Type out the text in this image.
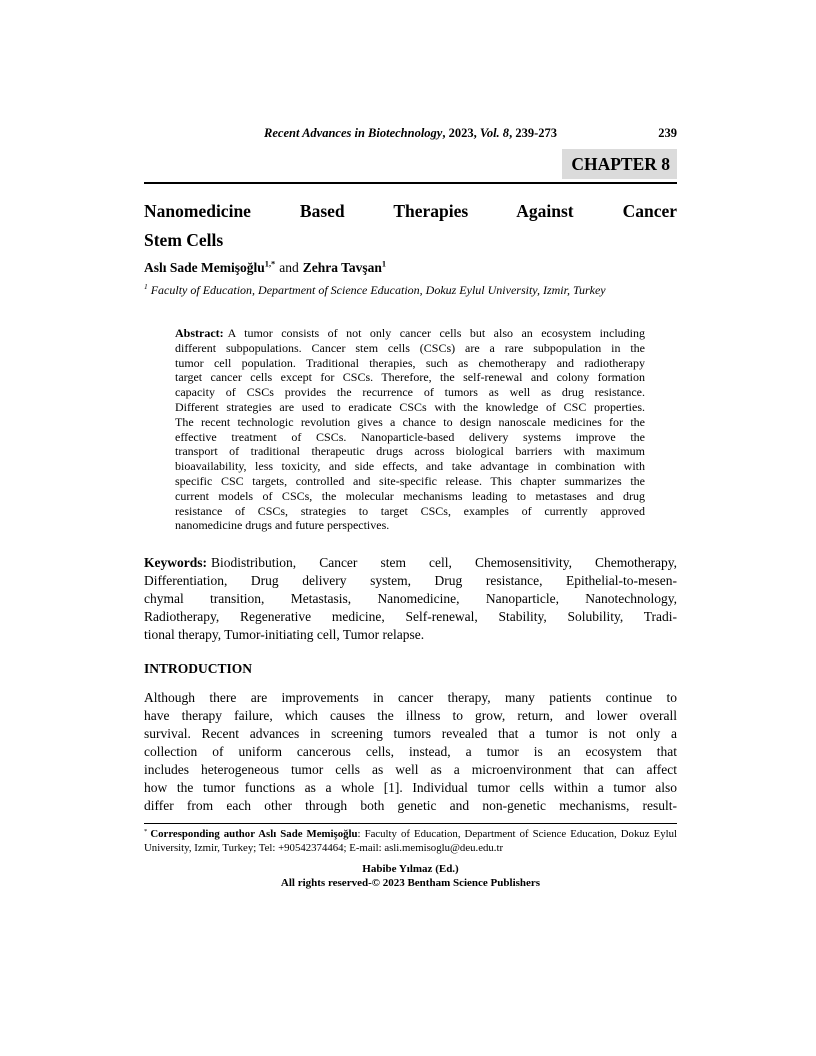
Recent Advances in Biotechnology, 2023, Vol. 8, 239-273	239
CHAPTER 8
Nanomedicine Based Therapies Against Cancer
Stem Cells
Aslı Sade Memişoğlu$^{1,*}$ and Zehra Tavşan$^1$
$^1$ Faculty of Education, Department of Science Education, Dokuz Eylul University, Izmir, Turkey
Abstract: A tumor consists of not only cancer cells but also an ecosystem including
different subpopulations. Cancer stem cells (CSCs) are a rare subpopulation in the
tumor cell population. Traditional therapies, such as chemotherapy and radiotherapy
target cancer cells except for CSCs. Therefore, the self-renewal and colony formation
capacity of CSCs provides the recurrence of tumors as well as drug resistance.
Different strategies are used to eradicate CSCs with the knowledge of CSC properties.
The recent technologic revolution gives a chance to design nanoscale medicines for the
effective treatment of CSCs. Nanoparticle-based delivery systems improve the
transport of traditional therapeutic drugs across biological barriers with maximum
bioavailability, less toxicity, and side effects, and take advantage in combination with
specific CSC targets, controlled and site-specific release. This chapter summarizes the
current models of CSCs, the molecular mechanisms leading to metastases and drug
resistance of CSCs, strategies to target CSCs, examples of currently approved
nanomedicine drugs and future perspectives.
Keywords: Biodistribution, Cancer stem cell, Chemosensitivity, Chemotherapy,
Differentiation, Drug delivery system, Drug resistance, Epithelial-to-mesen-
chymal transition, Metastasis, Nanomedicine, Nanoparticle, Nanotechnology,
Radiotherapy, Regenerative medicine, Self-renewal, Stability, Solubility, Tradi-
tional therapy, Tumor-initiating cell, Tumor relapse.
INTRODUCTION
Although there are improvements in cancer therapy, many patients continue to
have therapy failure, which causes the illness to grow, return, and lower overall
survival. Recent advances in screening tumors revealed that a tumor is not only a
collection of uniform cancerous cells, instead, a tumor is an ecosystem that
includes heterogeneous tumor cells as well as a microenvironment that can affect
how the tumor functions as a whole [1]. Individual tumor cells within a tumor also
differ from each other through both genetic and non-genetic mechanisms, result-
* Corresponding author Aslı Sade Memişoğlu: Faculty of Education, Department of Science Education, Dokuz Eylul
University, Izmir, Turkey; Tel: +90542374464; E-mail: asli.memisoglu@deu.edu.tr
Habibe Yılmaz (Ed.)
All rights reserved-© 2023 Bentham Science Publishers
